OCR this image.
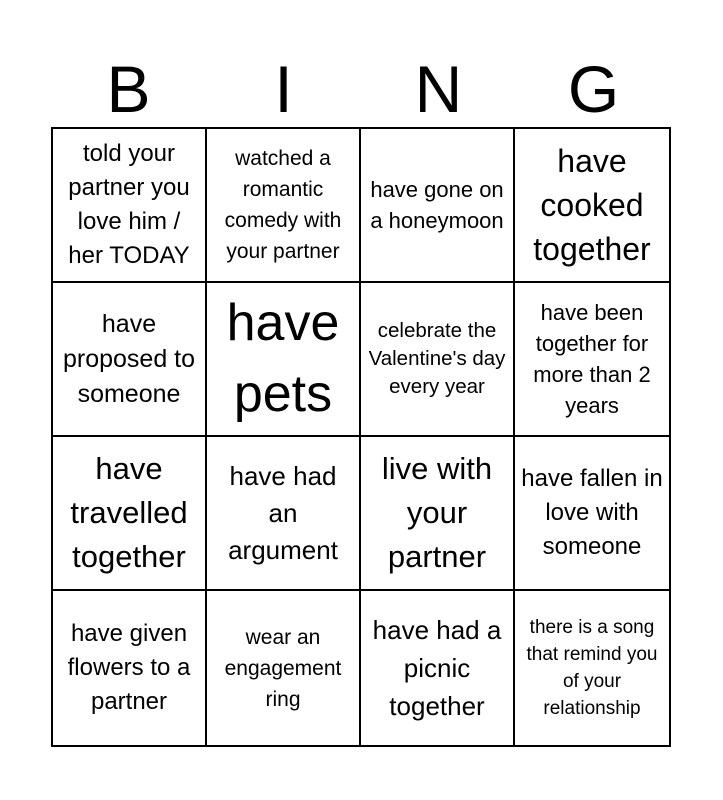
B	I	N	G
told your partner you love him / her TODAY
watched a romantic comedy with your partner
have gone on a honeymoon
have cooked together
have proposed to someone
have pets
celebrate the Valentine's day every year
have been together for more than 2 years
have travelled together
have had an argument
live with your partner
have fallen in love with someone
have given flowers to a partner
wear an engagement ring
have had a picnic together
there is a song that remind you of your relationship
